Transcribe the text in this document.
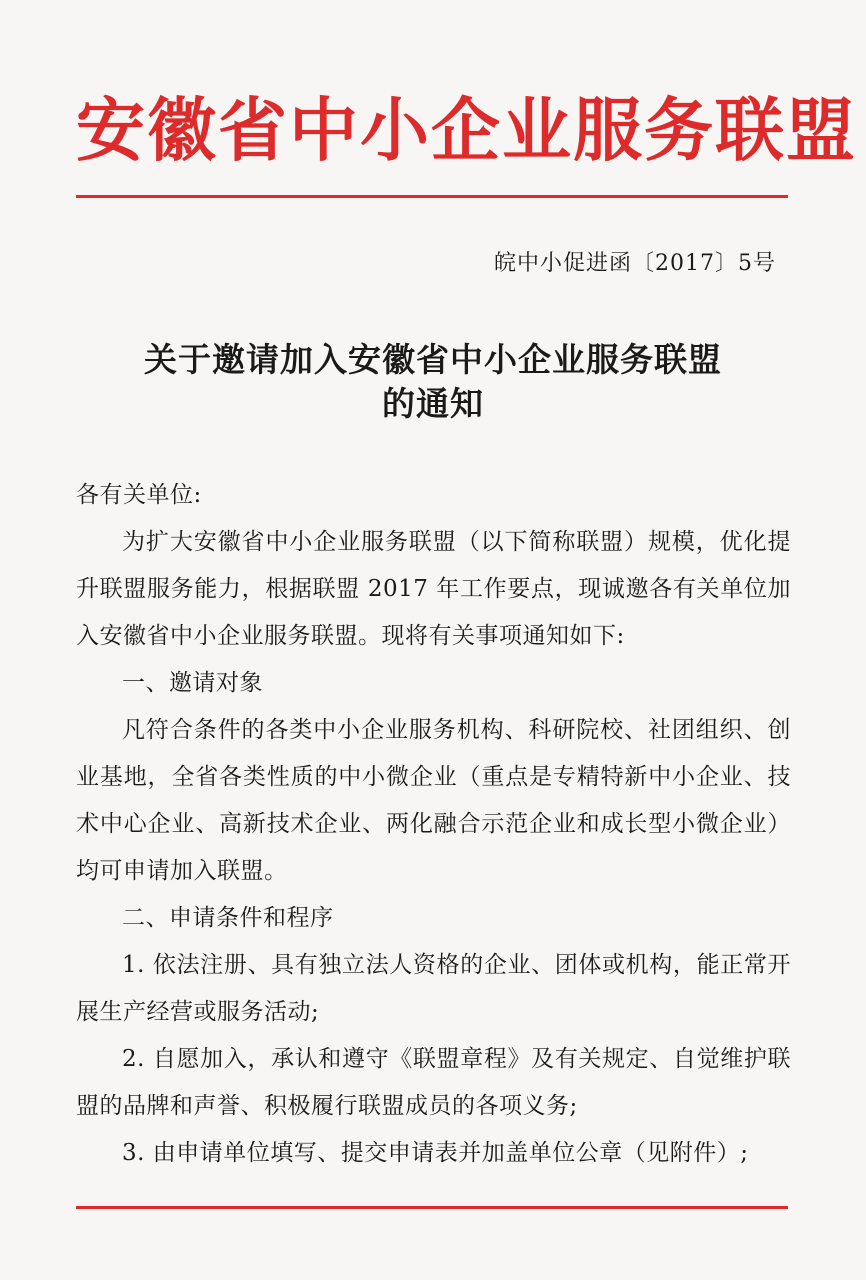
安徽省中小企业服务联盟
皖中小促进函〔2017〕5号
关于邀请加入安徽省中小企业服务联盟
的通知

各有关单位:

为扩大安徽省中小企业服务联盟（以下简称联盟）规模，优化提升联盟服务能力，根据联盟 2017 年工作要点，现诚邀各有关单位加入安徽省中小企业服务联盟。现将有关事项通知如下:

一、邀请对象

凡符合条件的各类中小企业服务机构、科研院校、社团组织、创业基地，全省各类性质的中小微企业（重点是专精特新中小企业、技术中心企业、高新技术企业、两化融合示范企业和成长型小微企业）均可申请加入联盟。

二、申请条件和程序

1. 依法注册、具有独立法人资格的企业、团体或机构，能正常开展生产经营或服务活动;

2. 自愿加入，承认和遵守《联盟章程》及有关规定、自觉维护联盟的品牌和声誉、积极履行联盟成员的各项义务;

3. 由申请单位填写、提交申请表并加盖单位公章（见附件）;
